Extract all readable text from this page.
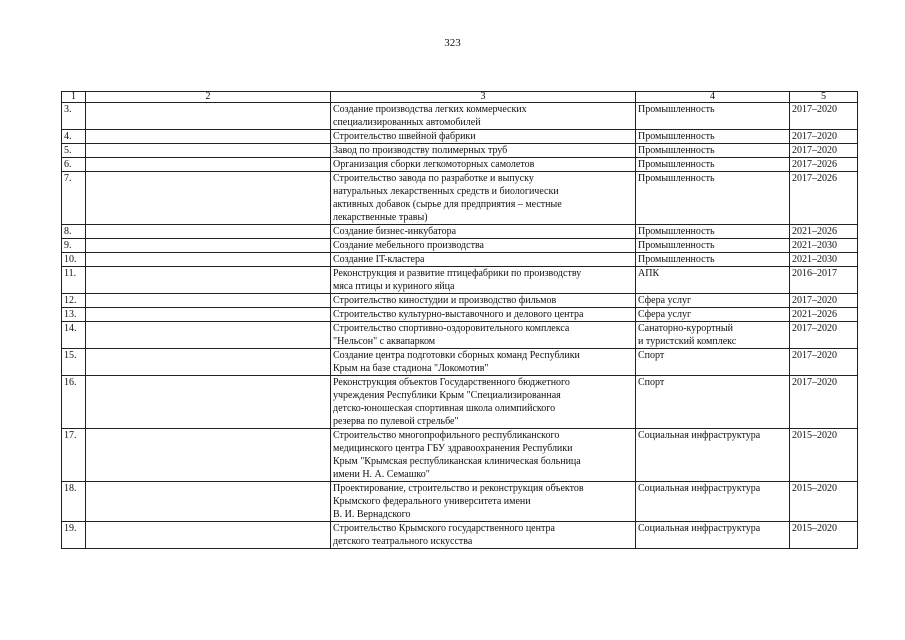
323
1	2	3	4	5
3.		Создание производства легких коммерческих
специализированных автомобилей	Промышленность	2017–2020
4.		Строительство швейной фабрики	Промышленность	2017–2020
5.		Завод по производству полимерных труб	Промышленность	2017–2020
6.		Организация сборки легкомоторных самолетов	Промышленность	2017–2026
7.		Строительство завода по разработке и выпуску
натуральных лекарственных средств и биологически
активных добавок (сырье для предприятия – местные
лекарственные травы)	Промышленность	2017–2026
8.		Создание бизнес-инкубатора	Промышленность	2021–2026
9.		Создание мебельного производства	Промышленность	2021–2030
10.		Создание IT-кластера	Промышленность	2021–2030
11.		Реконструкция и развитие птицефабрики по производству
мяса птицы и куриного яйца	АПК	2016–2017
12.		Строительство киностудии и производство фильмов	Сфера услуг	2017–2020
13.		Строительство культурно-выставочного и делового центра	Сфера услуг	2021–2026
14.		Строительство спортивно-оздоровительного комплекса
"Нельсон" с аквапарком	Санаторно-курортный
и туристский комплекс	2017–2020
15.		Создание центра подготовки сборных команд Республики
Крым на базе стадиона "Локомотив"	Спорт	2017–2020
16.		Реконструкция объектов Государственного бюджетного
учреждения Республики Крым "Специализированная
детско-юношеская спортивная школа олимпийского
резерва по пулевой стрельбе"	Спорт	2017–2020
17.		Строительство многопрофильного республиканского
медицинского центра ГБУ здравоохранения Республики
Крым "Крымская республиканская клиническая больница
имени Н. А. Семашко"	Социальная инфраструктура	2015–2020
18.		Проектирование, строительство и реконструкция объектов
Крымского федерального университета имени
В. И. Вернадского	Социальная инфраструктура	2015–2020
19.		Строительство Крымского государственного центра
детского театрального искусства	Социальная инфраструктура	2015–2020
